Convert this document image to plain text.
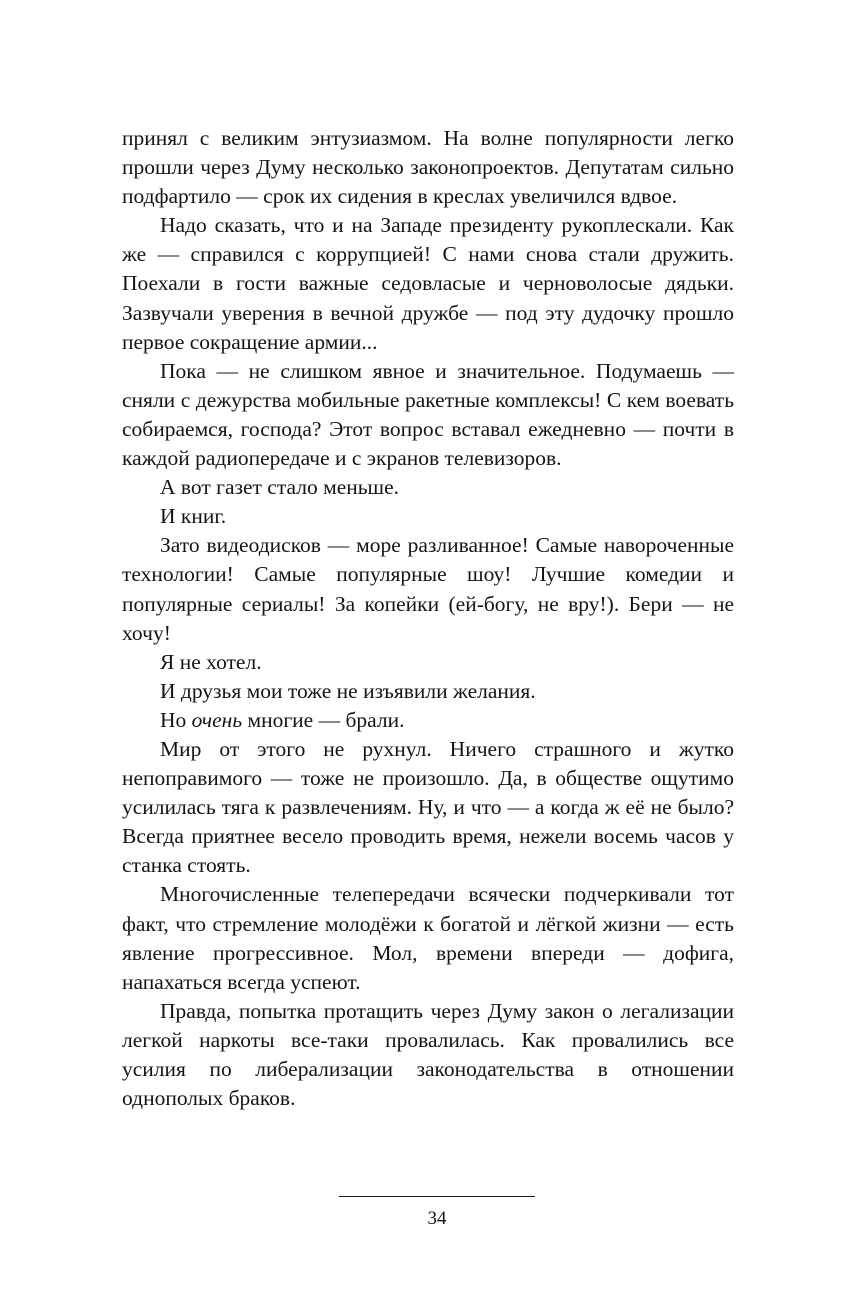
принял с великим энтузиазмом. На волне популярности легко прошли через Думу несколько законопроектов. Депутатам сильно подфартило — срок их сидения в креслах увеличился вдвое.

Надо сказать, что и на Западе президенту рукоплескали. Как же — справился с коррупцией! С нами снова стали дружить. Поехали в гости важные седовласые и черноволосые дядьки. Зазвучали уверения в вечной дружбе — под эту дудочку прошло первое сокращение армии...

Пока — не слишком явное и значительное. Подумаешь — сняли с дежурства мобильные ракетные комплексы! С кем воевать собираемся, господа? Этот вопрос вставал ежедневно — почти в каждой радиопередаче и с экранов телевизоров.

А вот газет стало меньше.

И книг.

Зато видеодисков — море разливанное! Самые навороченные технологии! Самые популярные шоу! Лучшие комедии и популярные сериалы! За копейки (ей-богу, не вру!). Бери — не хочу!

Я не хотел.

И друзья мои тоже не изъявили желания.

Но очень многие — брали.

Мир от этого не рухнул. Ничего страшного и жутко непоправимого — тоже не произошло. Да, в обществе ощутимо усилилась тяга к развлечениям. Ну, и что — а когда ж её не было? Всегда приятнее весело проводить время, нежели восемь часов у станка стоять.

Многочисленные телепередачи всячески подчеркивали тот факт, что стремление молодёжи к богатой и лёгкой жизни — есть явление прогрессивное. Мол, времени впереди — дофига, напахаться всегда успеют.

Правда, попытка протащить через Думу закон о легализации легкой наркоты все-таки провалилась. Как провалились все усилия по либерализации законодательства в отношении однополых браков.

34
